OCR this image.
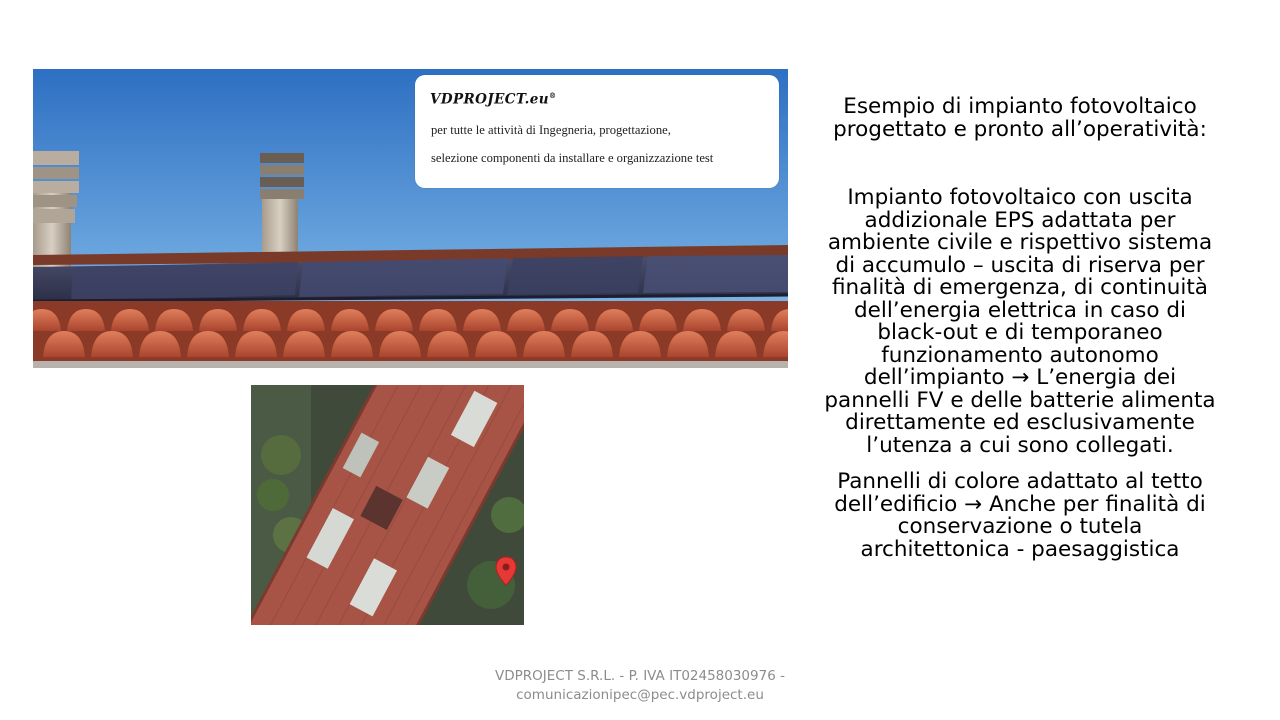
VDPROJECT.eu®
per tutte le attività di Ingegneria, progettazione,
selezione componenti da installare e organizzazione test

Esempio di impianto fotovoltaico progettato e pronto all’operatività:

Impianto fotovoltaico con uscita addizionale EPS adattata per ambiente civile e rispettivo sistema di accumulo – uscita di riserva per finalità di emergenza, di continuità dell’energia elettrica in caso di black-out e di temporaneo funzionamento autonomo dell’impianto → L’energia dei pannelli FV e delle batterie alimenta direttamente ed esclusivamente l’utenza a cui sono collegati.

Pannelli di colore adattato al tetto dell’edificio → Anche per finalità di conservazione o tutela architettonica - paesaggistica

VDPROJECT S.R.L. - P. IVA IT02458030976 -
comunicazionipec@pec.vdproject.eu
